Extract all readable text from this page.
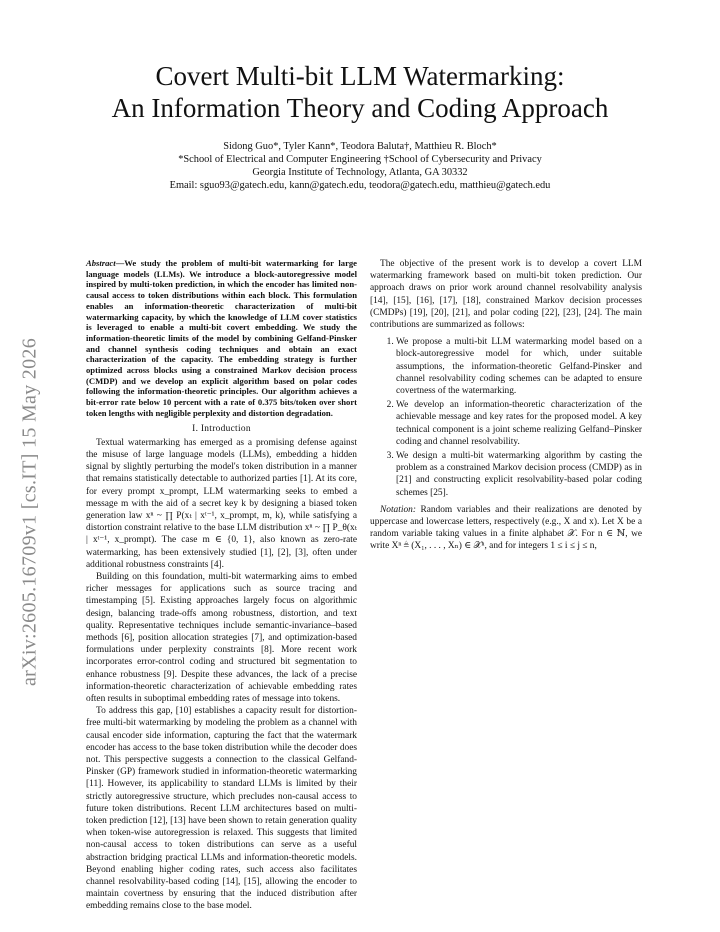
arXiv:2605.16709v1 [cs.IT] 15 May 2026
Covert Multi-bit LLM Watermarking:
An Information Theory and Coding Approach
Sidong Guo*, Tyler Kann*, Teodora Baluta†, Matthieu R. Bloch*
*School of Electrical and Computer Engineering †School of Cybersecurity and Privacy
Georgia Institute of Technology, Atlanta, GA 30332
Email: sguo93@gatech.edu, kann@gatech.edu, teodora@gatech.edu, matthieu@gatech.edu
Abstract—We study the problem of multi-bit watermarking for large language models (LLMs). We introduce a block-autoregressive model inspired by multi-token prediction, in which the encoder has limited non-causal access to token distributions within each block. This formulation enables an information-theoretic characterization of multi-bit watermarking capacity, by which the knowledge of LLM cover statistics is leveraged to enable a multi-bit covert embedding. We study the information-theoretic limits of the model by combining Gelfand-Pinsker and channel synthesis coding techniques and obtain an exact characterization of the capacity. The embedding strategy is further optimized across blocks using a constrained Markov decision process (CMDP) and we develop an explicit algorithm based on polar codes following the information-theoretic principles. Our algorithm achieves a bit-error rate below 10 percent with a rate of 0.375 bits/token over short token lengths with negligible perplexity and distortion degradation.
I. Introduction

Textual watermarking has emerged as a promising defense against the misuse of large language models (LLMs), embedding a hidden signal by slightly perturbing the model's token distribution in a manner that remains statistically detectable to authorized parties [1]. At its core, for every prompt x_prompt, LLM watermarking seeks to embed a message m with the aid of a secret key k by designing a biased token generation law xⁿ ~ ∏ P(xₜ | xᵗ⁻¹, x_prompt, m, k), while satisfying a distortion constraint relative to the base LLM distribution xⁿ ~ ∏ P_θ(xₜ | xᵗ⁻¹, x_prompt). The case m ∈ {0, 1}, also known as zero-rate watermarking, has been extensively studied [1], [2], [3], often under additional robustness constraints [4].

Building on this foundation, multi-bit watermarking aims to embed richer messages for applications such as source tracing and timestamping [5]. Existing approaches largely focus on algorithmic design, balancing trade-offs among robustness, distortion, and text quality. Representative techniques include semantic-invariance–based methods [6], position allocation strategies [7], and optimization-based formulations under perplexity constraints [8]. More recent work incorporates error-control coding and structured bit segmentation to enhance robustness [9]. Despite these advances, the lack of a precise information-theoretic characterization of achievable embedding rates often results in suboptimal embedding rates of message into tokens.

To address this gap, [10] establishes a capacity result for distortion-free multi-bit watermarking by modeling the problem as a channel with causal encoder side information, capturing the fact that the watermark encoder has access to the base token distribution while the decoder does not. This perspective suggests a connection to the classical Gelfand-Pinsker (GP) framework studied in information-theoretic watermarking [11]. However, its applicability to standard LLMs is limited by their strictly autoregressive structure, which precludes non-causal access to future token distributions. Recent LLM architectures based on multi-token prediction [12], [13] have been shown to retain generation quality when token-wise autoregression is relaxed. This suggests that limited non-causal access to token distributions can serve as a useful abstraction bridging practical LLMs and information-theoretic models. Beyond enabling higher coding rates, such access also facilitates channel resolvability-based coding [14], [15], allowing the encoder to maintain covertness by ensuring that the induced distribution after embedding remains close to the base model.

The objective of the present work is to develop a covert LLM watermarking framework based on multi-bit token prediction. Our approach draws on prior work around channel resolvability analysis [14], [15], [16], [17], [18], constrained Markov decision processes (CMDPs) [19], [20], [21], and polar coding [22], [23], [24]. The main contributions are summarized as follows:

1. We propose a multi-bit LLM watermarking model based on a block-autoregressive model for which, under suitable assumptions, the information-theoretic Gelfand-Pinsker and channel resolvability coding schemes can be adapted to ensure covertness of the watermarking.
2. We develop an information-theoretic characterization of the achievable message and key rates for the proposed model. A key technical component is a joint scheme realizing Gelfand–Pinsker coding and channel resolvability.
3. We design a multi-bit watermarking algorithm by casting the problem as a constrained Markov decision process (CMDP) as in [21] and constructing explicit resolvability-based polar coding schemes [25].

Notation: Random variables and their realizations are denoted by uppercase and lowercase letters, respectively (e.g., X and x). Let X be a random variable taking values in a finite alphabet 𝒳. For n ∈ ℕ, we write Xⁿ ≜ (X₁, . . . , Xₙ) ∈ 𝒳ⁿ, and for integers 1 ≤ i ≤ j ≤ n,
